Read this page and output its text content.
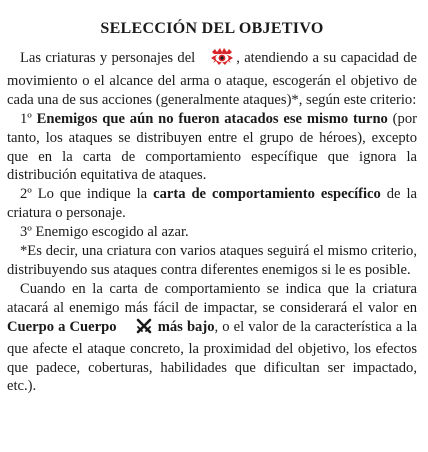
SELECCIÓN DEL OBJETIVO

Las criaturas y personajes del	, atendiendo a su capacidad de movimiento o el alcance del arma o ataque, escogerán el objetivo de cada una de sus acciones (generalmente ataques)*, según este criterio:

1º Enemigos que aún no fueron atacados ese mismo turno (por tanto, los ataques se distribuyen entre el grupo de héroes), excepto que en la carta de comportamiento específique que ignora la distribución equitativa de ataques.

2º Lo que indique la carta de comportamiento específico de la criatura o personaje.

3º Enemigo escogido al azar.

*Es decir, una criatura con varios ataques seguirá el mismo criterio, distribuyendo sus ataques contra diferentes enemigos si le es posible.

Cuando en la carta de comportamiento se indica que la criatura atacará al enemigo más fácil de impactar, se considerará el valor en Cuerpo a Cuerpo	más bajo, o el valor de la característica a la que afecte el ataque concreto, la proximidad del objetivo, los efectos que padece, coberturas, habilidades que dificultan ser impactado, etc.).
